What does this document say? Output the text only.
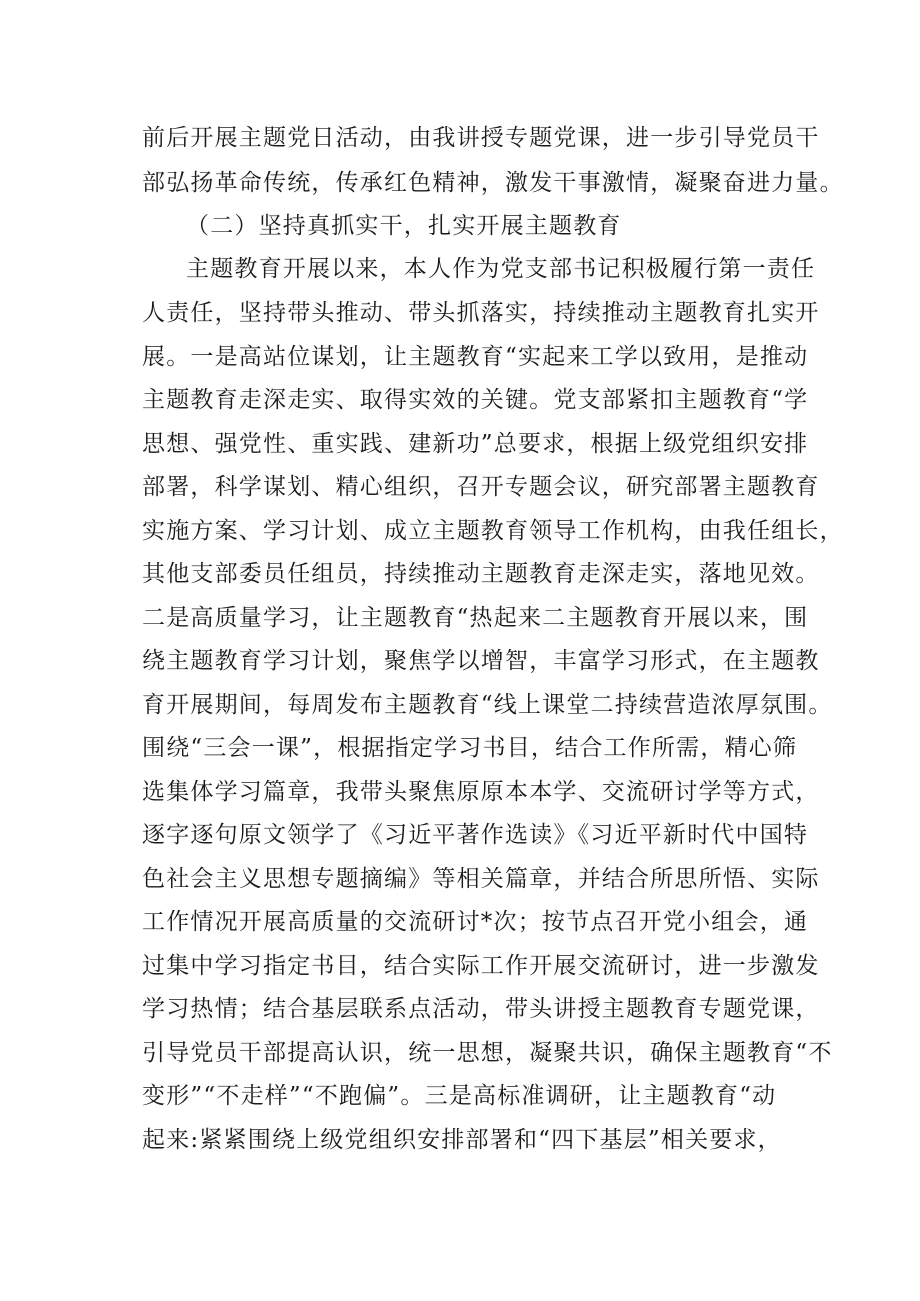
前后开展主题党日活动，由我讲授专题党课，进一步引导党员干
部弘扬革命传统，传承红色精神，激发干事激情，凝聚奋进力量。
（二）坚持真抓实干，扎实开展主题教育
主题教育开展以来，本人作为党支部书记积极履行第一责任
人责任，坚持带头推动、带头抓落实，持续推动主题教育扎实开
展。一是高站位谋划，让主题教育“实起来工学以致用，是推动
主题教育走深走实、取得实效的关键。党支部紧扣主题教育“学
思想、强党性、重实践、建新功”总要求，根据上级党组织安排
部署，科学谋划、精心组织，召开专题会议，研究部署主题教育
实施方案、学习计划、成立主题教育领导工作机构，由我任组长，
其他支部委员任组员，持续推动主题教育走深走实，落地见效。
二是高质量学习，让主题教育“热起来二主题教育开展以来，围
绕主题教育学习计划，聚焦学以增智，丰富学习形式，在主题教
育开展期间，每周发布主题教育“线上课堂二持续营造浓厚氛围。
围绕“三会一课”，根据指定学习书目，结合工作所需，精心筛
选集体学习篇章，我带头聚焦原原本本学、交流研讨学等方式，
逐字逐句原文领学了《习近平著作选读》《习近平新时代中国特
色社会主义思想专题摘编》等相关篇章，并结合所思所悟、实际
工作情况开展高质量的交流研讨*次；按节点召开党小组会，通
过集中学习指定书目，结合实际工作开展交流研讨，进一步激发
学习热情；结合基层联系点活动，带头讲授主题教育专题党课，
引导党员干部提高认识，统一思想，凝聚共识，确保主题教育“不
变形”“不走样”“不跑偏”。三是高标准调研，让主题教育“动
起来:紧紧围绕上级党组织安排部署和“四下基层”相关要求，
